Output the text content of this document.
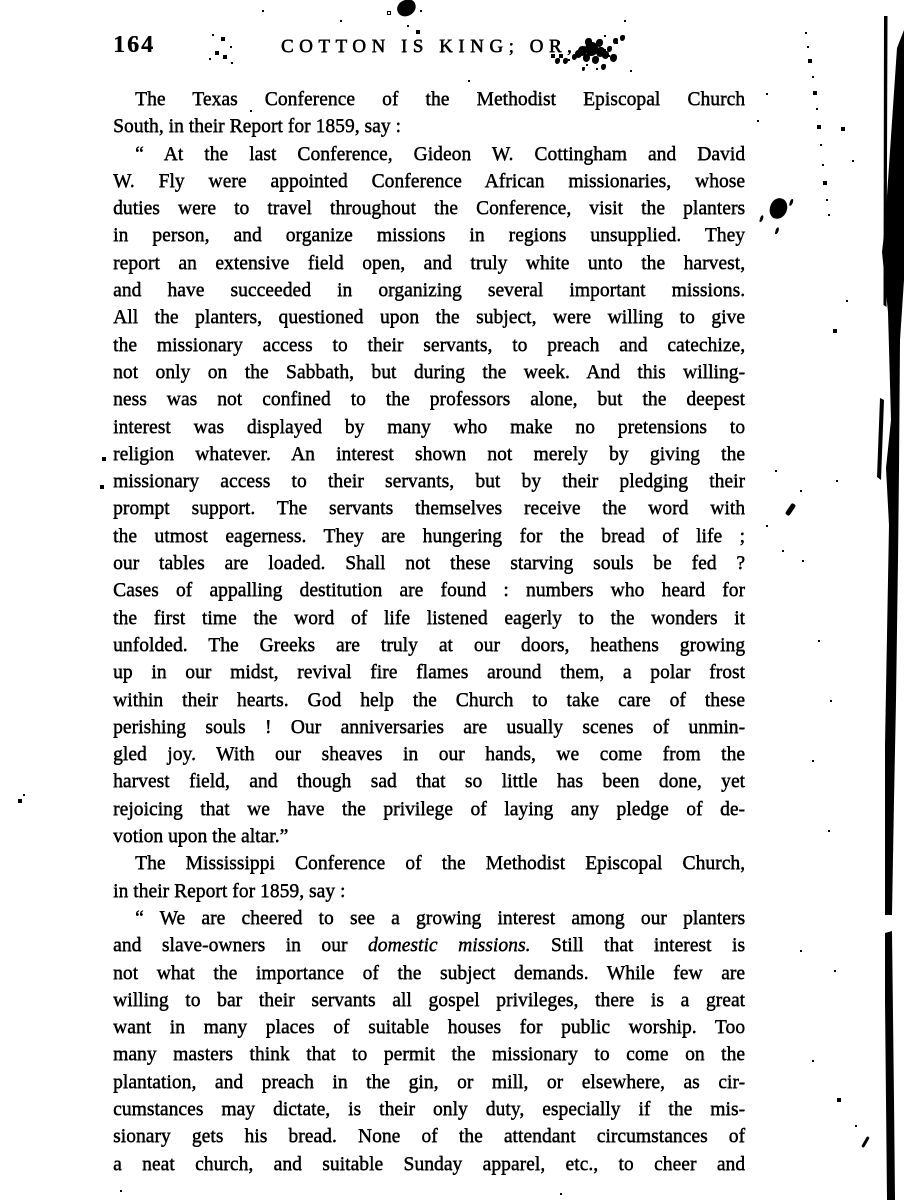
164	COTTON IS KING; OR,
The Texas Conference of the Methodist Episcopal Church
South, in their Report for 1859, say :
“ At the last Conference, Gideon W. Cottingham and David
W. Fly were appointed Conference African missionaries, whose
duties were to travel throughout the Conference, visit the planters
in person, and organize missions in regions unsupplied. They
report an extensive field open, and truly white unto the harvest,
and have succeeded in organizing several important missions.
All the planters, questioned upon the subject, were willing to give
the missionary access to their servants, to preach and catechize,
not only on the Sabbath, but during the week. And this willing-
ness was not confined to the professors alone, but the deepest
interest was displayed by many who make no pretensions to
religion whatever. An interest shown not merely by giving the
missionary access to their servants, but by their pledging their
prompt support. The servants themselves receive the word with
the utmost eagerness. They are hungering for the bread of life ;
our tables are loaded. Shall not these starving souls be fed ?
Cases of appalling destitution are found : numbers who heard for
the first time the word of life listened eagerly to the wonders it
unfolded. The Greeks are truly at our doors, heathens growing
up in our midst, revival fire flames around them, a polar frost
within their hearts. God help the Church to take care of these
perishing souls ! Our anniversaries are usually scenes of unmin-
gled joy. With our sheaves in our hands, we come from the
harvest field, and though sad that so little has been done, yet
rejoicing that we have the privilege of laying any pledge of de-
votion upon the altar.”
The Mississippi Conference of the Methodist Episcopal Church,
in their Report for 1859, say :
“ We are cheered to see a growing interest among our planters
and slave-owners in our domestic missions. Still that interest is
not what the importance of the subject demands. While few are
willing to bar their servants all gospel privileges, there is a great
want in many places of suitable houses for public worship. Too
many masters think that to permit the missionary to come on the
plantation, and preach in the gin, or mill, or elsewhere, as cir-
cumstances may dictate, is their only duty, especially if the mis-
sionary gets his bread. None of the attendant circumstances of
a neat church, and suitable Sunday apparel, etc., to cheer and
